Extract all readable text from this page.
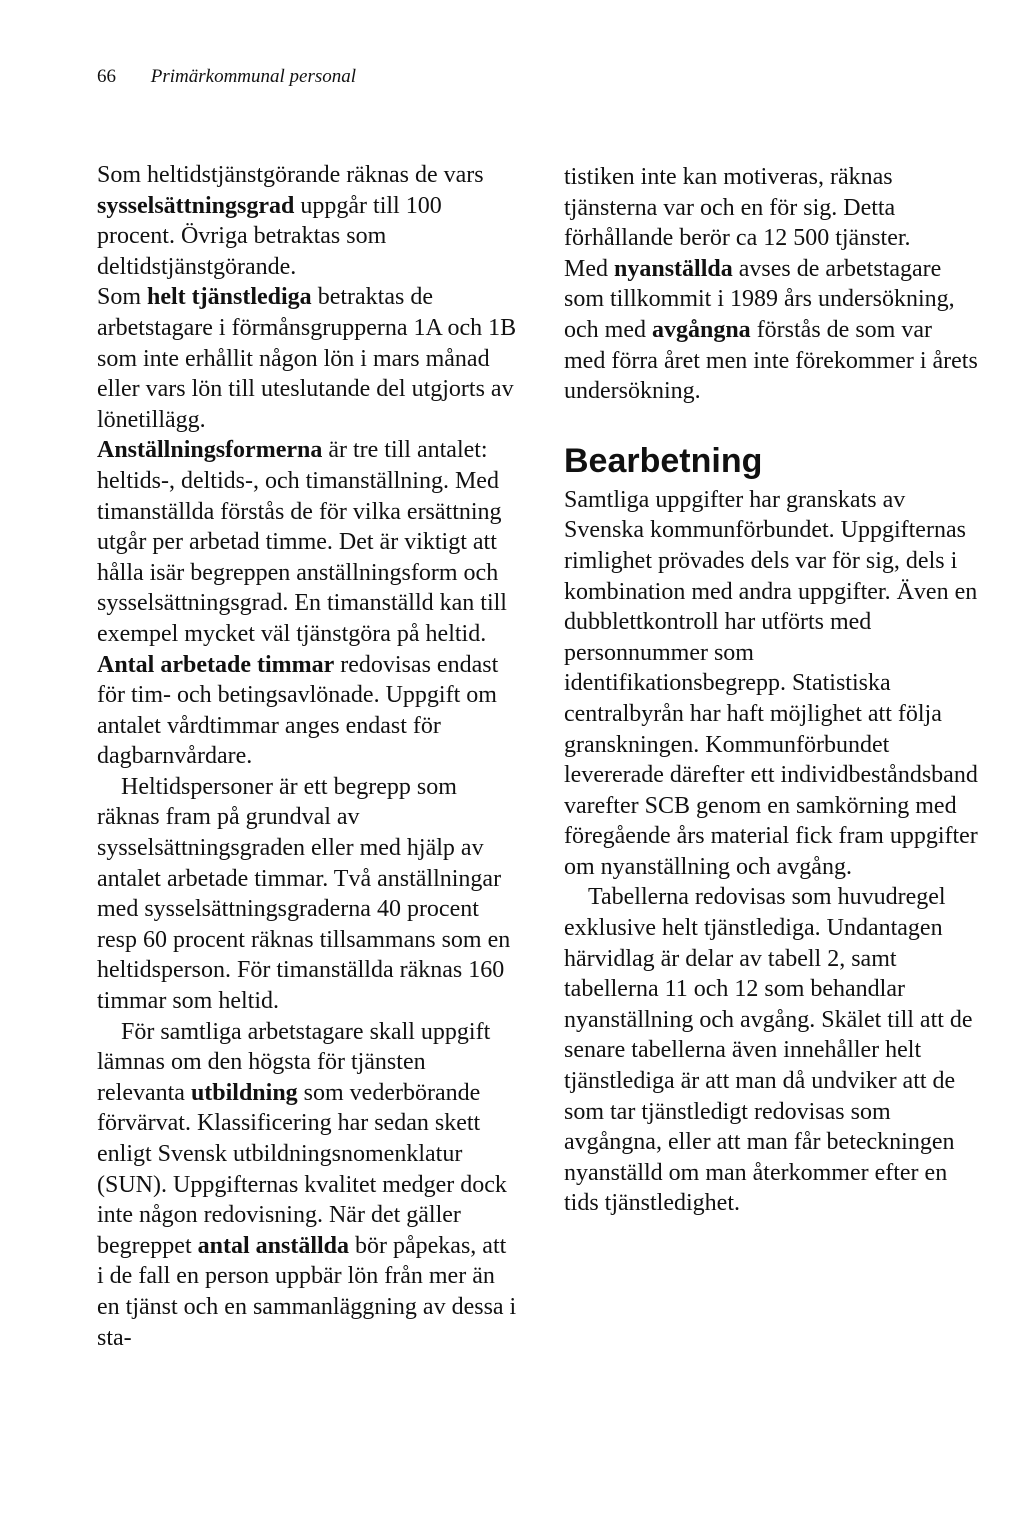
66 Primärkommunal personal

Som heltidstjänstgörande räknas de vars sysselsättningsgrad uppgår till 100 procent. Övriga betraktas som deltidstjänstgörande.

Som helt tjänstlediga betraktas de arbetstagare i förmånsgrupperna 1A och 1B som inte erhållit någon lön i mars månad eller vars lön till uteslutande del utgjorts av lönetillägg.

Anställningsformerna är tre till antalet: heltids-, deltids-, och timanställning. Med timanställda förstås de för vilka ersättning utgår per arbetad timme. Det är viktigt att hålla isär begreppen anställningsform och sysselsättningsgrad. En timanställd kan till exempel mycket väl tjänstgöra på heltid.

Antal arbetade timmar redovisas endast för tim- och betingsavlönade. Uppgift om antalet vårdtimmar anges endast för dagbarnvårdare.

Heltidspersoner är ett begrepp som räknas fram på grundval av sysselsättningsgraden eller med hjälp av antalet arbetade timmar. Två anställningar med sysselsättningsgraderna 40 procent resp 60 procent räknas tillsammans som en heltidsperson. För timanställda räknas 160 timmar som heltid.

För samtliga arbetstagare skall uppgift lämnas om den högsta för tjänsten relevanta utbildning som vederbörande förvärvat. Klassificering har sedan skett enligt Svensk utbildningsnomenklatur (SUN). Uppgifternas kvalitet medger dock inte någon redovisning. När det gäller begreppet antal anställda bör påpekas, att i de fall en person uppbär lön från mer än en tjänst och en sammanläggning av dessa i sta-

tistiken inte kan motiveras, räknas tjänsterna var och en för sig. Detta förhållande berör ca 12 500 tjänster.

Med nyanställda avses de arbetstagare som tillkommit i 1989 års undersökning, och med avgångna förstås de som var med förra året men inte förekommer i årets undersökning.

Bearbetning

Samtliga uppgifter har granskats av Svenska kommunförbundet. Uppgifternas rimlighet prövades dels var för sig, dels i kombination med andra uppgifter. Även en dubblettkontroll har utförts med personnummer som identifikationsbegrepp. Statistiska centralbyrån har haft möjlighet att följa granskningen. Kommunförbundet levererade därefter ett individbeståndsband varefter SCB genom en samkörning med föregående års material fick fram uppgifter om nyanställning och avgång.

Tabellerna redovisas som huvudregel exklusive helt tjänstlediga. Undantagen härvidlag är delar av tabell 2, samt tabellerna 11 och 12 som behandlar nyanställning och avgång. Skälet till att de senare tabellerna även innehåller helt tjänstlediga är att man då undviker att de som tar tjänstledigt redovisas som avgångna, eller att man får beteckningen nyanställd om man återkommer efter en tids tjänstledighet.
